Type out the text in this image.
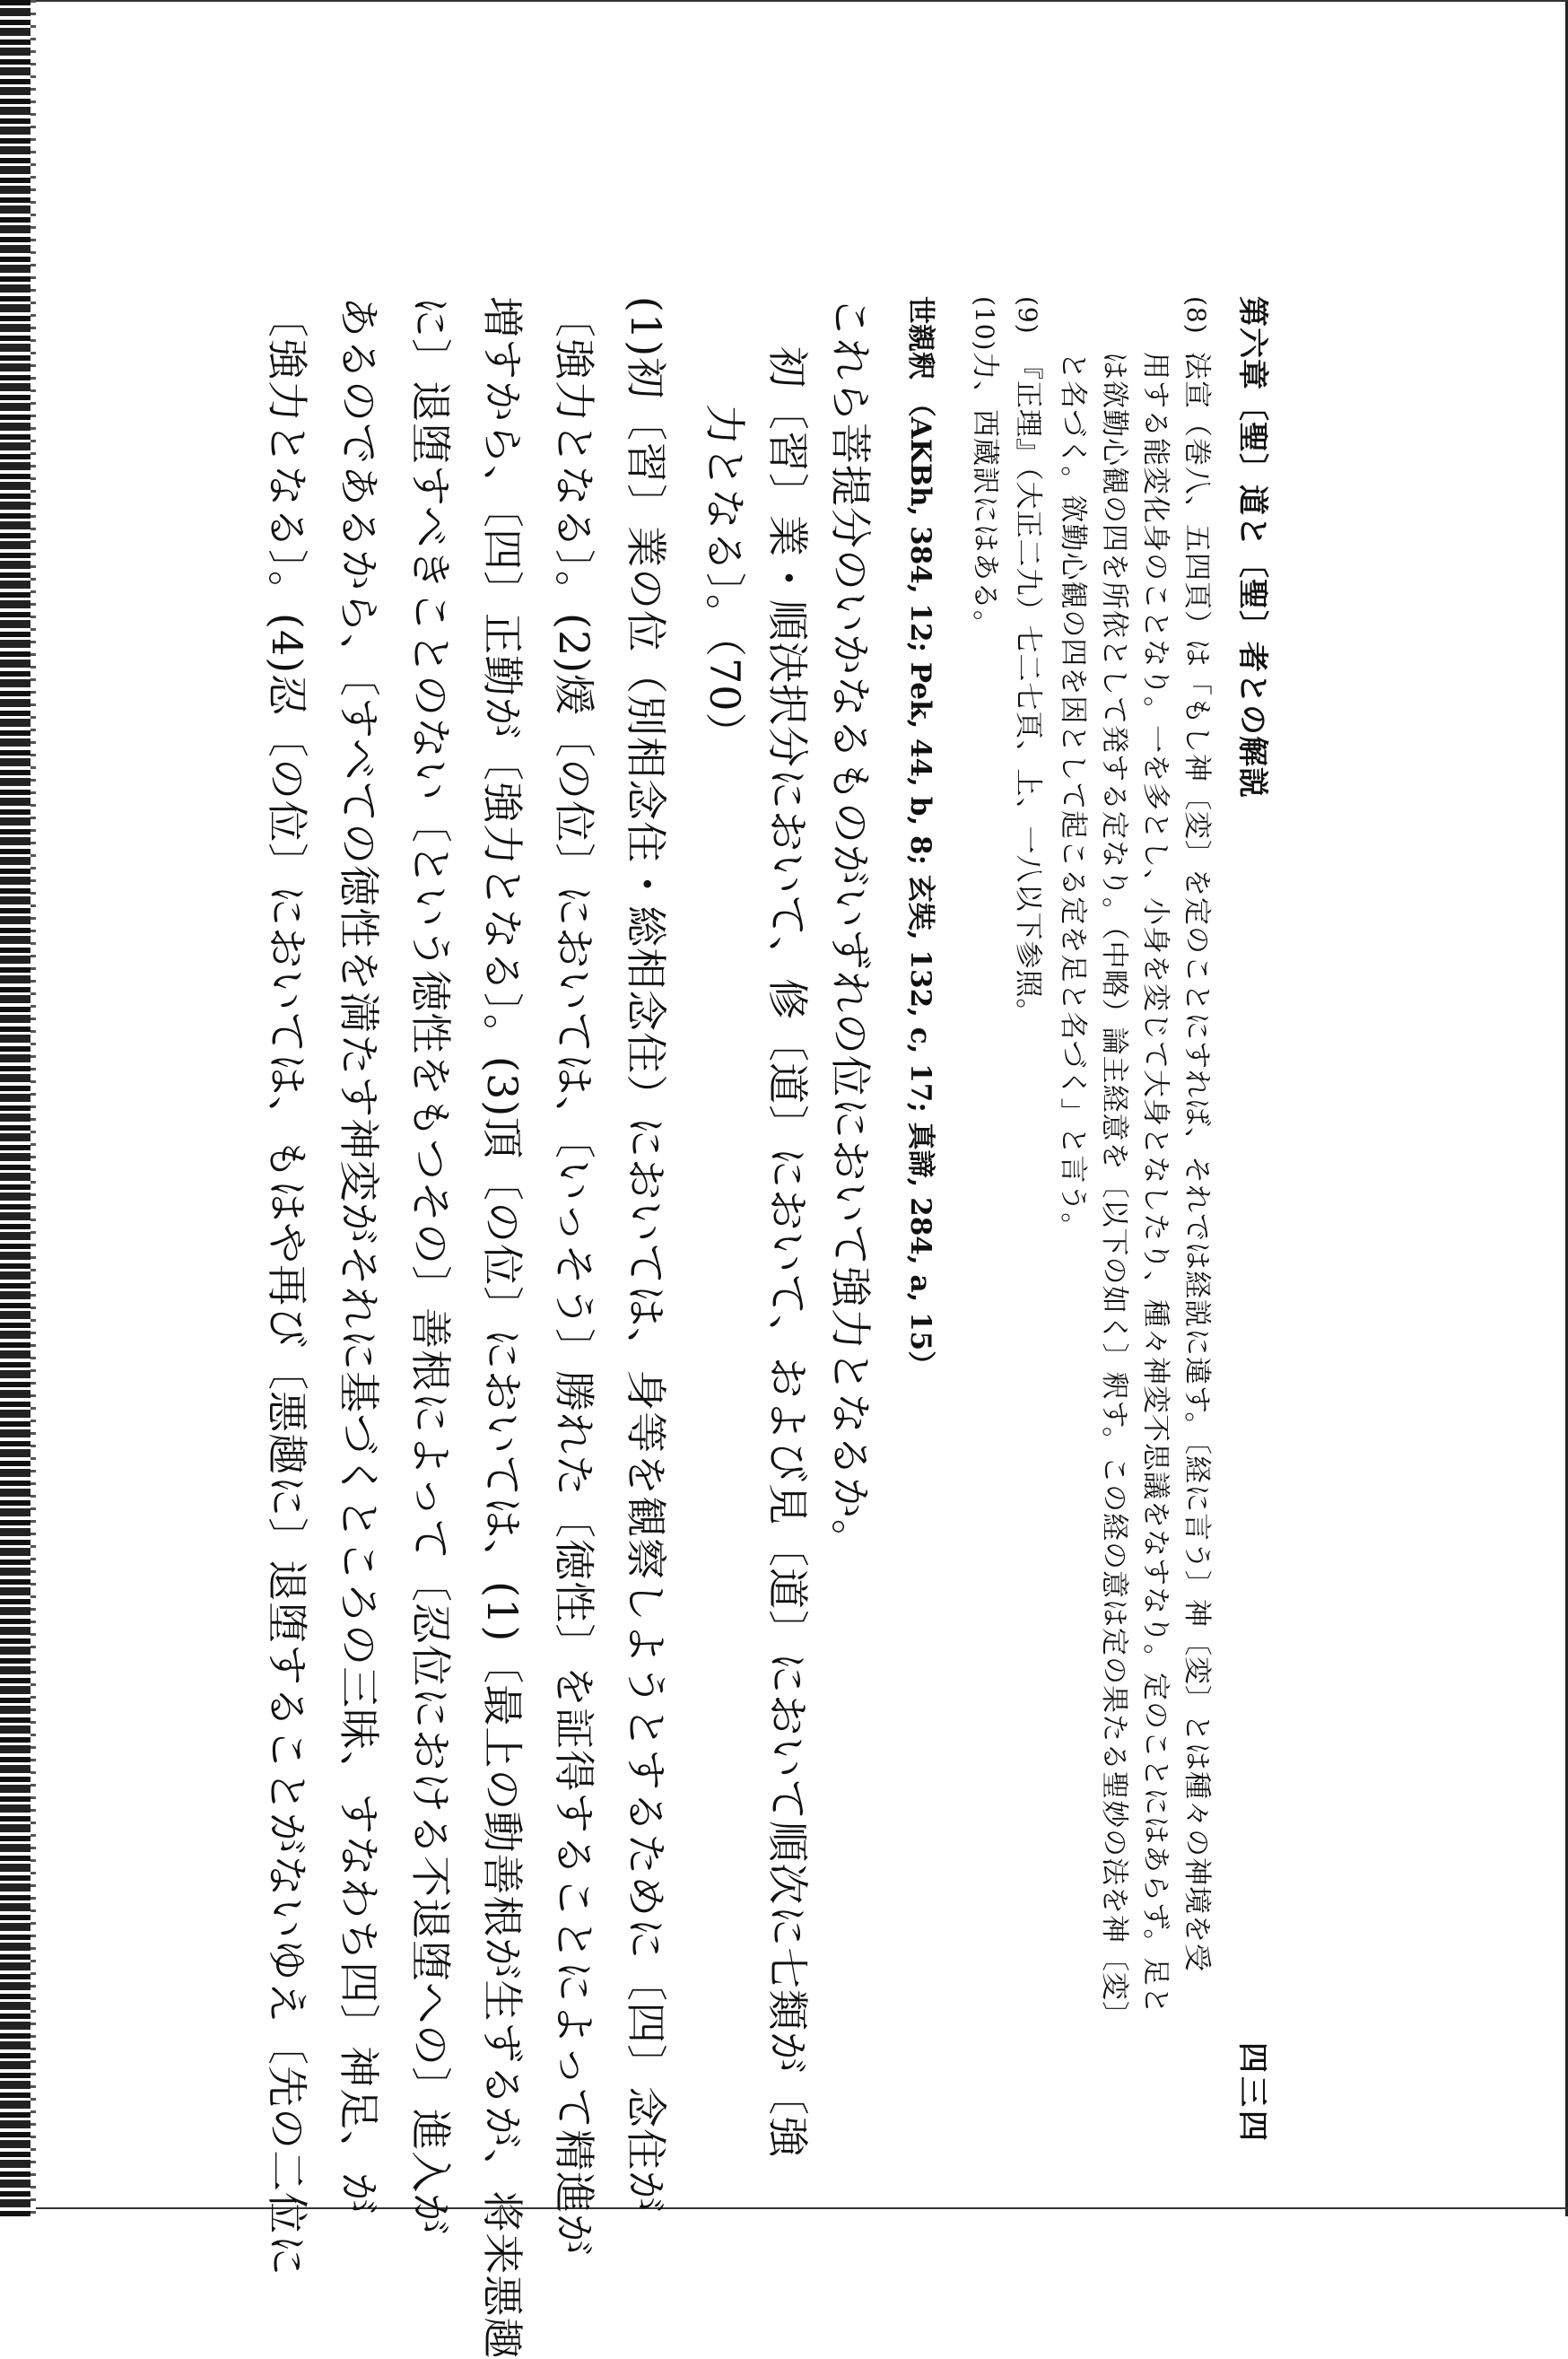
第六章〔聖〕道と〔聖〕者との解説
四三四
(8)法宣（巻八、五四頁）は「もし神〔変〕を定のことにすれば、それでは経説に違す。〔経に言う〕神〔変〕とは種々の神境を受
用する能変化身のことなり。一を多とし、小身を変じて大身となしたり、種々神変不思議をなすなり。定のことにはあらず。足と
は欲勤心観の四を所依として発する定なり。（中略）論主経意を〔以下の如く〕釈す。この経の意は定の果たる聖妙の法を神〔変〕
と名づく。欲勤心観の四を因として起こる定を足と名づく」と言う。
(9)『正理』（大正二九）七二七頁、上、一八以下参照。
(10)力、西蔵訳にはある。
世親釈 （AKBh, 384, 12; Pek, 44, b, 8; 玄奘, 132, c, 17; 真諦, 284, a, 15）
これら菩提分のいかなるものがいずれの位において強力となるか。
初〔習〕業・順決択分において、修〔道〕において、および見〔道〕において順次に七類が〔強
力となる〕。（70）
(1)初〔習〕業の位（別相念住・総相念住）においては、身等を観察しようとするために〔四〕念住が
〔強力となる〕。(2)煖〔の位〕においては、〔いっそう〕勝れた〔徳性〕を証得することによって精進が
増すから、〔四〕正勤が〔強力となる〕。(3)頂〔の位〕においては、(1)〔最上の動善根が生ずるが、将来悪趣
に〕退堕すべきことのない〔という徳性をもつその〕善根によって〔忍位における不退堕への〕進入が
あるのであるから、〔すべての徳性を満たす神変がそれに基づくところの三昧、すなわち四〕神足、が
〔強力となる〕。(4)忍〔の位〕においては、もはや再び〔悪趣に〕退堕することがないゆえ〔先の二位に
